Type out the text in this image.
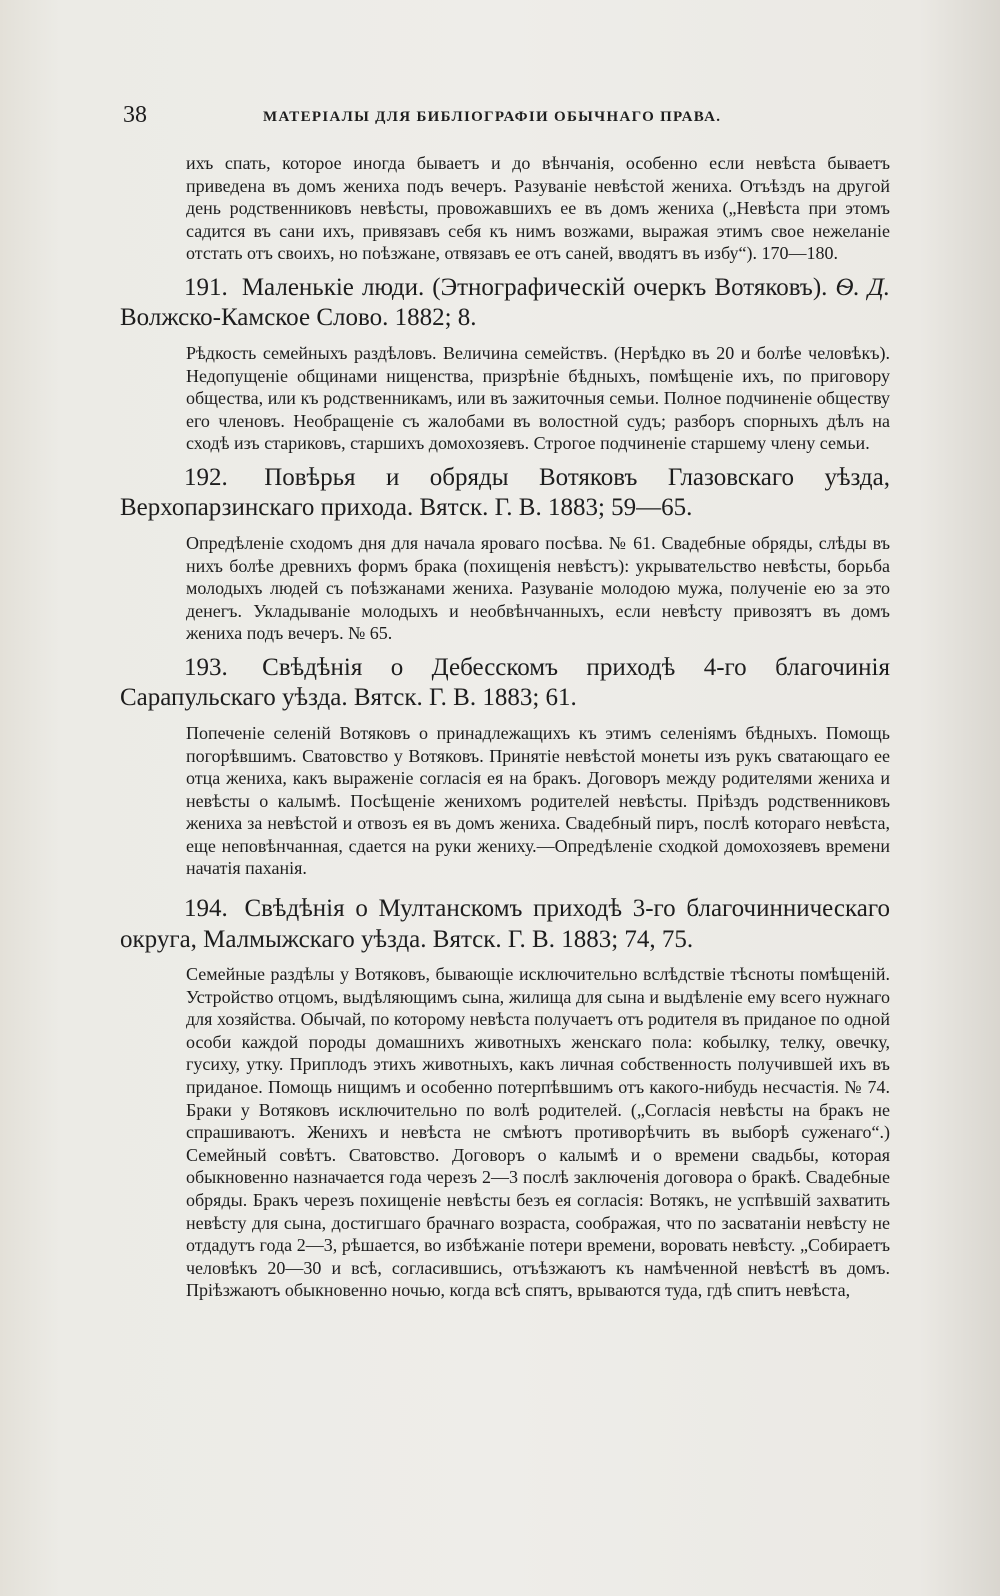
38	МАТЕРІАЛЫ ДЛЯ БИБЛІОГРАФІИ ОБЫЧНАГО ПРАВА.

ихъ спать, которое иногда бываетъ и до вѣнчанія, особенно если невѣста бываетъ приведена въ домъ жениха подъ вечеръ. Разуваніе невѣстой жениха. Отъѣздъ на другой день родственниковъ невѣсты, провожавшихъ ее въ домъ жениха („Невѣста при этомъ садится въ сани ихъ, привязавъ себя къ нимъ возжами, выражая этимъ свое нежеланіе отстать отъ своихъ, но поѣзжане, отвязавъ ее отъ саней, вводятъ въ избу“). 170—180.

191. Маленькіе люди. (Этнографическій очеркъ Вотяковъ). Ѳ. Д. Волжско-Камское Слово. 1882; 8.

Рѣдкость семейныхъ раздѣловъ. Величина семействъ. (Нерѣдко въ 20 и болѣе человѣкъ). Недопущеніе общинами нищенства, призрѣніе бѣдныхъ, помѣщеніе ихъ, по приговору общества, или къ родственникамъ, или въ зажиточныя семьи. Полное подчиненіе обществу его членовъ. Необращеніе съ жалобами въ волостной судъ; разборъ спорныхъ дѣлъ на сходѣ изъ стариковъ, старшихъ домохозяевъ. Строгое подчиненіе старшему члену семьи.

192. Повѣрья и обряды Вотяковъ Глазовскаго уѣзда, Верхопарзинскаго прихода. Вятск. Г. В. 1883; 59—65.

Опредѣленіе сходомъ дня для начала яроваго посѣва. № 61. Свадебные обряды, слѣды въ нихъ болѣе древнихъ формъ брака (похищенія невѣстъ): укрывательство невѣсты, борьба молодыхъ людей съ поѣзжанами жениха. Разуваніе молодою мужа, полученіе ею за это денегъ. Укладываніе молодыхъ и необвѣнчанныхъ, если невѣсту привозятъ въ домъ жениха подъ вечеръ. № 65.

193. Свѣдѣнія о Дебесскомъ приходѣ 4-го благочинія Сарапульскаго уѣзда. Вятск. Г. В. 1883; 61.

Попеченіе селеній Вотяковъ о принадлежащихъ къ этимъ селеніямъ бѣдныхъ. Помощь погорѣвшимъ. Сватовство у Вотяковъ. Принятіе невѣстой монеты изъ рукъ сватающаго ее отца жениха, какъ выраженіе согласія ея на бракъ. Договоръ между родителями жениха и невѣсты о калымѣ. Посѣщеніе женихомъ родителей невѣсты. Пріѣздъ родственниковъ жениха за невѣстой и отвозъ ея въ домъ жениха. Свадебный пиръ, послѣ котораго невѣста, еще неповѣнчанная, сдается на руки жениху.—Опредѣленіе сходкой домохозяевъ времени начатія паханія.

194. Свѣдѣнія о Мултанскомъ приходѣ 3-го благочинническаго округа, Малмыжскаго уѣзда. Вятск. Г. В. 1883; 74, 75.

Семейные раздѣлы у Вотяковъ, бывающіе исключительно вслѣдствіе тѣсноты помѣщеній. Устройство отцомъ, выдѣляющимъ сына, жилища для сына и выдѣленіе ему всего нужнаго для хозяйства. Обычай, по которому невѣста получаетъ отъ родителя въ приданое по одной особи каждой породы домашнихъ животныхъ женскаго пола: кобылку, телку, овечку, гусиху, утку. Приплодъ этихъ животныхъ, какъ личная собственность получившей ихъ въ приданое. Помощь нищимъ и особенно потерпѣвшимъ отъ какого-нибудь несчастія. № 74. Браки у Вотяковъ исключительно по волѣ родителей. („Согласія невѣсты на бракъ не спрашиваютъ. Женихъ и невѣста не смѣютъ противорѣчить въ выборѣ суженаго“.) Семейный совѣтъ. Сватовство. Договоръ о калымѣ и о времени свадьбы, которая обыкновенно назначается года черезъ 2—3 послѣ заключенія договора о бракѣ. Свадебные обряды. Бракъ черезъ похищеніе невѣсты безъ ея согласія: Вотякъ, не успѣвшій захватить невѣсту для сына, достигшаго брачнаго возраста, соображая, что по засватаніи невѣсту не отдадутъ года 2—3, рѣшается, во избѣжаніе потери времени, воровать невѣсту. „Собираетъ человѣкъ 20—30 и всѣ, согласившись, отъѣзжаютъ къ намѣченной невѣстѣ въ домъ. Пріѣзжаютъ обыкновенно ночью, когда всѣ спятъ, врываются туда, гдѣ спитъ невѣста,
